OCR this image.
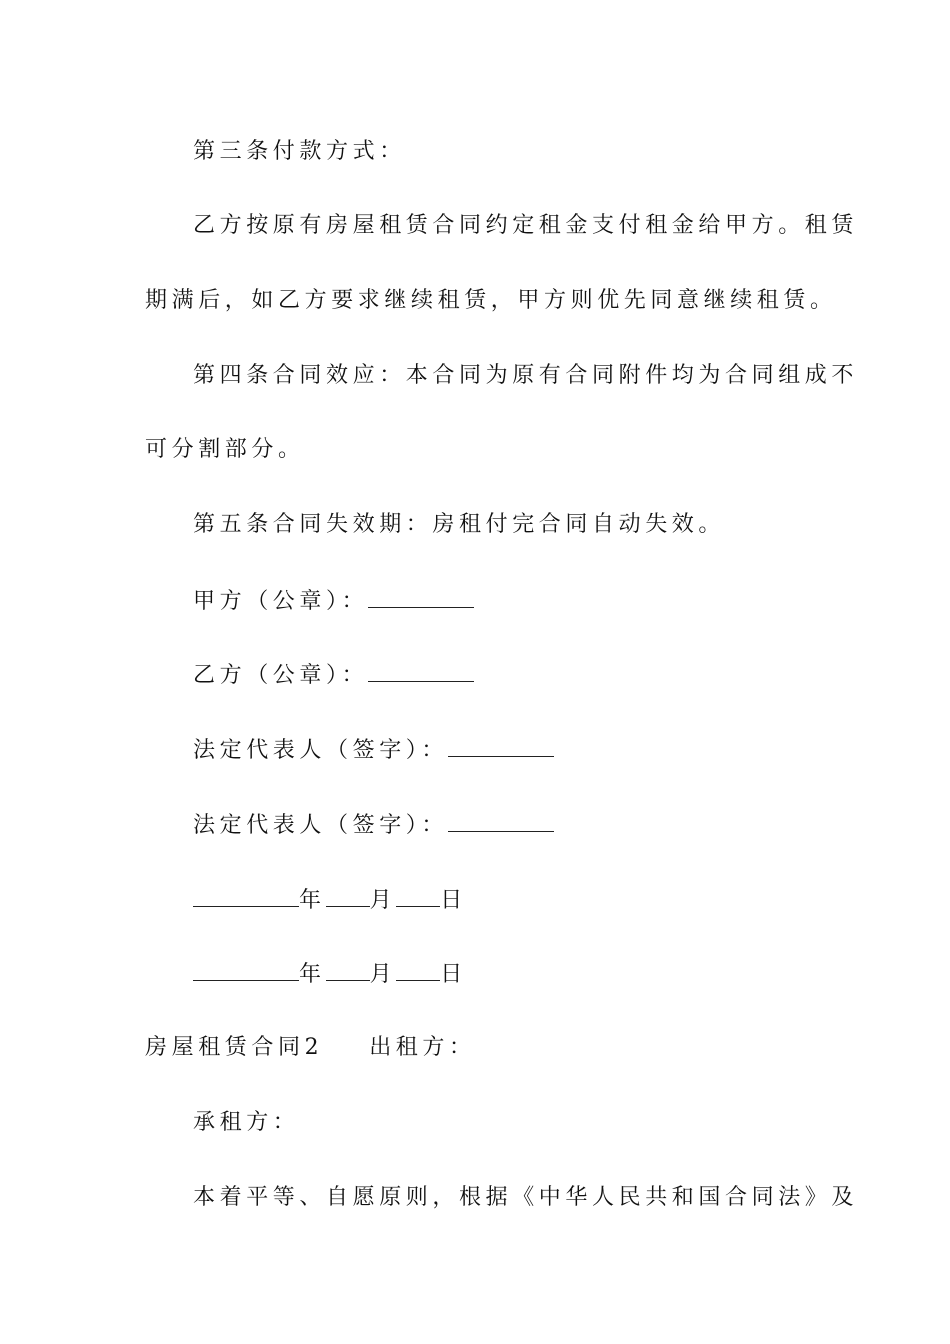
第三条付款方式：
乙方按原有房屋租赁合同约定租金支付租金给甲方。租赁
期满后，如乙方要求继续租赁，甲方则优先同意继续租赁。
第四条合同效应：本合同为原有合同附件均为合同组成不
可分割部分。
第五条合同失效期：房租付完合同自动失效。
甲方（公章）：
乙方（公章）：
法定代表人（签字）：
法定代表人（签字）：
年 月 日
年 月 日
房屋租赁合同2 出租方：
承租方：
本着平等、自愿原则，根据《中华人民共和国合同法》及
